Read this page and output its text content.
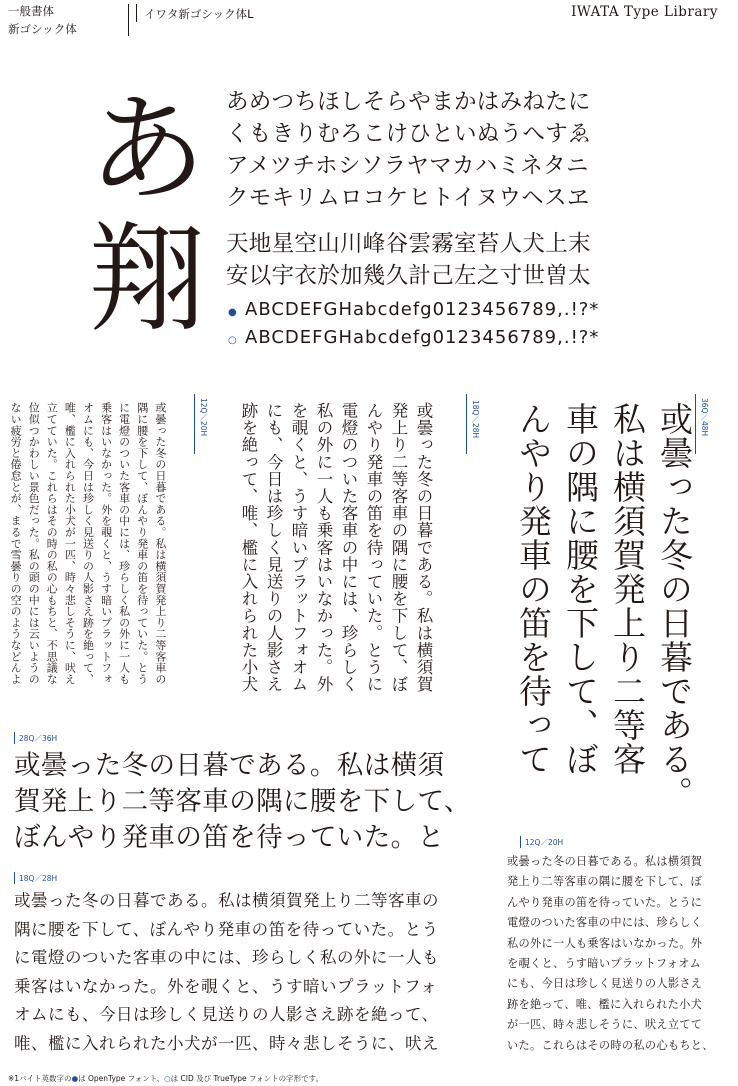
一般書体
新ゴシック体
イワタ新ゴシック体L	IWATA Type Library
あ
翔
あめつちほしそらやまかはみねたに
くもきりむろこけひといぬうへすゑ
アメツチホシソラヤマカハミネタニ
クモキリムロコケヒトイヌウヘスヱ
天地星空山川峰谷雲霧室苔人犬上末
安以宇衣於加幾久計己左之寸世曽太
● ABCDEFGHabcdefg0123456789,.!?*
○ ABCDEFGHabcdefg0123456789,.!?*
36Q／48H
或曇った冬の日暮である。
私は横須賀発上り二等客
車の隅に腰を下して、ぼ
んやり発車の笛を待って
18Q／28H
或曇った冬の日暮である。私は横須賀
発上り二等客車の隅に腰を下して、ぼ
んやり発車の笛を待っていた。とうに
電燈のついた客車の中には、珍らしく
私の外に一人も乗客はいなかった。外
を覗くと、うす暗いプラットフォオム
にも、今日は珍しく見送りの人影さえ
跡を絶って、唯、檻に入れられた小犬
12Q／20H
或曇った冬の日暮である。私は横須賀発上り二等客車の
隅に腰を下して、ぼんやり発車の笛を待っていた。とう
に電燈のついた客車の中には、珍らしく私の外に一人も
乗客はいなかった。外を覗くと、うす暗いプラットフォ
オムにも、今日は珍しく見送りの人影さえ跡を絶って、
唯、檻に入れられた小犬が一匹、時々悲しそうに、吠え
立てていた。これらはその時の私の心もちと、不思議な
位似つかわしい景色だった。私の頭の中には云いようの
ない疲労と倦怠とが、まるで雪曇りの空のようなどんよ
28Q／36H
或曇った冬の日暮である。私は横須
賀発上り二等客車の隅に腰を下して、
ぼんやり発車の笛を待っていた。と
18Q／28H
或曇った冬の日暮である。私は横須賀発上り二等客車の
隅に腰を下して、ぼんやり発車の笛を待っていた。とう
に電燈のついた客車の中には、珍らしく私の外に一人も
乗客はいなかった。外を覗くと、うす暗いプラットフォ
オムにも、今日は珍しく見送りの人影さえ跡を絶って、
唯、檻に入れられた小犬が一匹、時々悲しそうに、吠え
12Q／20H
或曇った冬の日暮である。私は横須賀
発上り二等客車の隅に腰を下して、ぼ
んやり発車の笛を待っていた。とうに
電燈のついた客車の中には、珍らしく
私の外に一人も乗客はいなかった。外
を覗くと、うす暗いプラットフォオム
にも、今日は珍しく見送りの人影さえ
跡を絶って、唯、檻に入れられた小犬
が一匹、時々悲しそうに、吠え立てて
いた。これらはその時の私の心もちと、
※1バイト英数字の●は OpenType フォント、○は CID 及び TrueType フォントの字形です。
